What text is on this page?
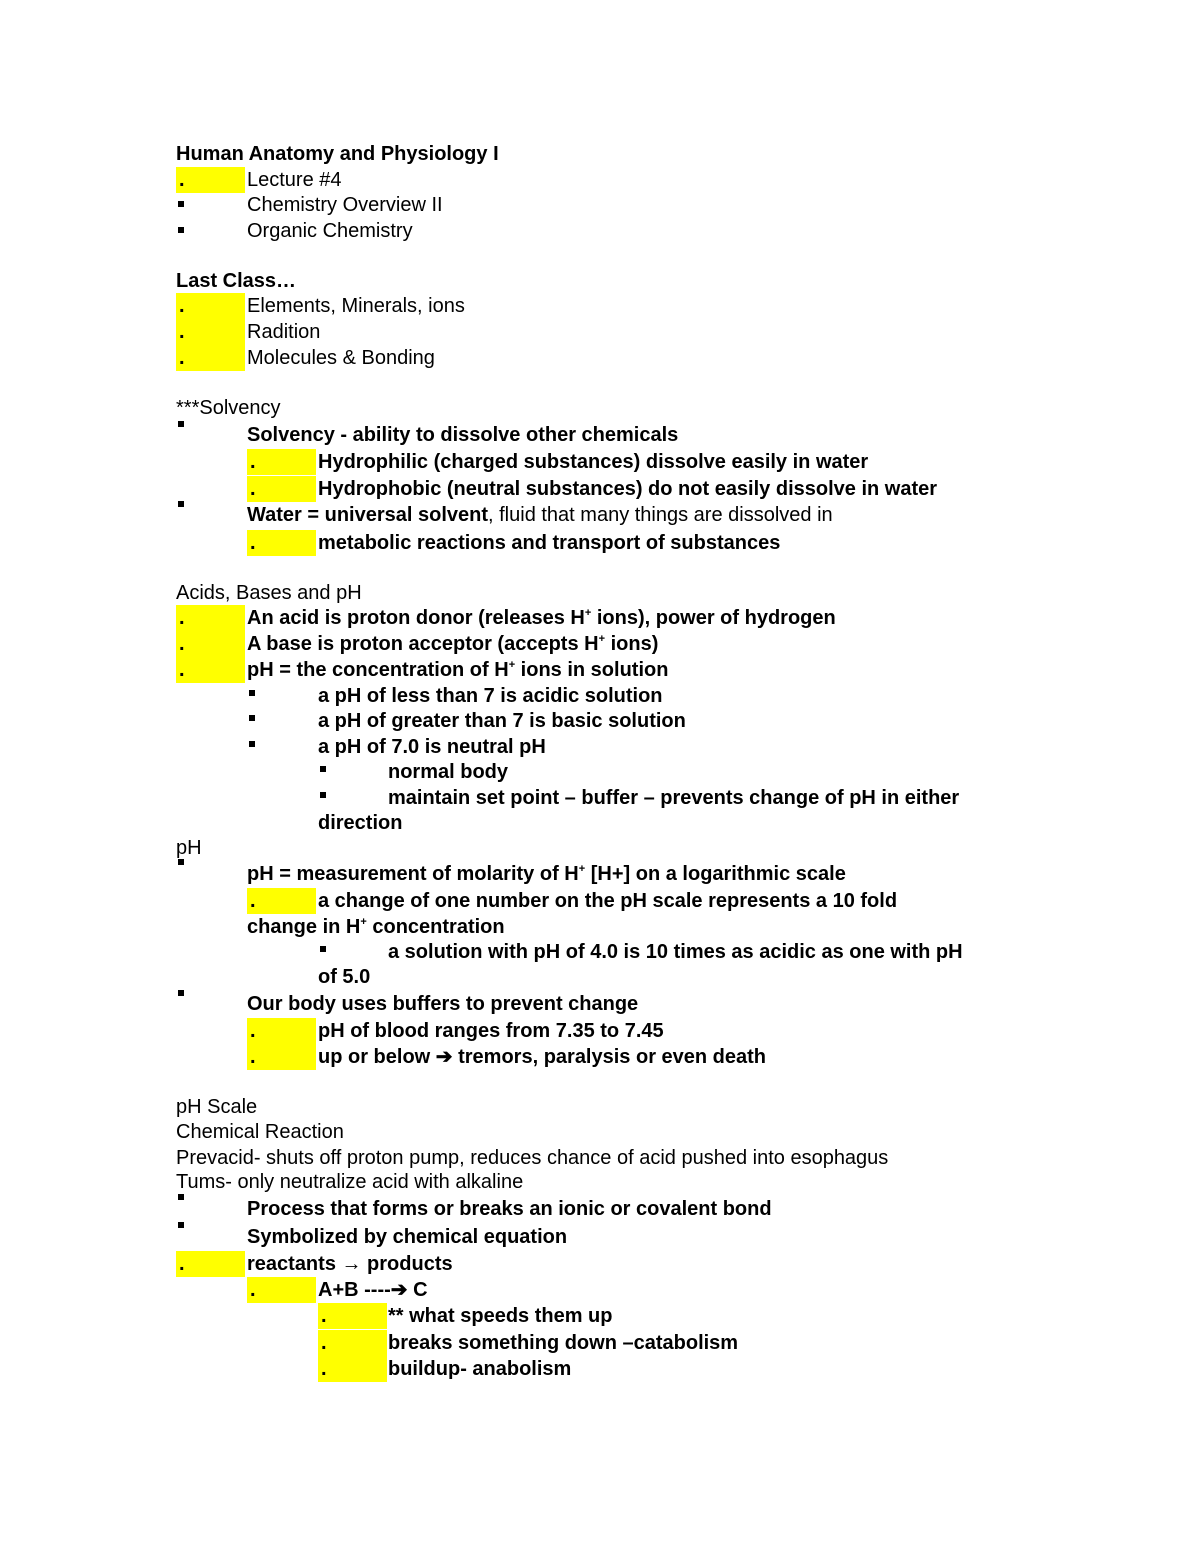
Human Anatomy and Physiology I
.	Lecture #4
Chemistry Overview II
Organic Chemistry
Last Class…
.	Elements, Minerals, ions
.	Radition
.	Molecules & Bonding
***Solvency
Solvency - ability to dissolve other chemicals
.	Hydrophilic (charged substances) dissolve easily in water
.	Hydrophobic (neutral substances) do not easily dissolve in water
Water = universal solvent, fluid that many things are dissolved in
.	metabolic reactions and transport of substances
Acids, Bases and pH
.	An acid is proton donor (releases H+ ions), power of hydrogen
.	A base is proton acceptor (accepts H+ ions)
.	pH = the concentration of H+ ions in solution
a pH of less than 7 is acidic solution
a pH of greater than 7 is basic solution
a pH of 7.0 is neutral pH
normal body
maintain set point – buffer – prevents change of pH in either
direction
pH
pH = measurement of molarity of H+ [H+] on a logarithmic scale
.	a change of one number on the pH scale represents a 10 fold
change in H+ concentration
a solution with pH of 4.0 is 10 times as acidic as one with pH
of 5.0
Our body uses buffers to prevent change
.	pH of blood ranges from 7.35 to 7.45
.	up or below ➔ tremors, paralysis or even death
pH Scale
Chemical Reaction
Prevacid- shuts off proton pump, reduces chance of acid pushed into esophagus
Tums- only neutralize acid with alkaline
Process that forms or breaks an ionic or covalent bond
Symbolized by chemical equation
.	reactants → products
.	A+B ----➔ C
.	** what speeds them up
.	breaks something down –catabolism
.	buildup- anabolism
